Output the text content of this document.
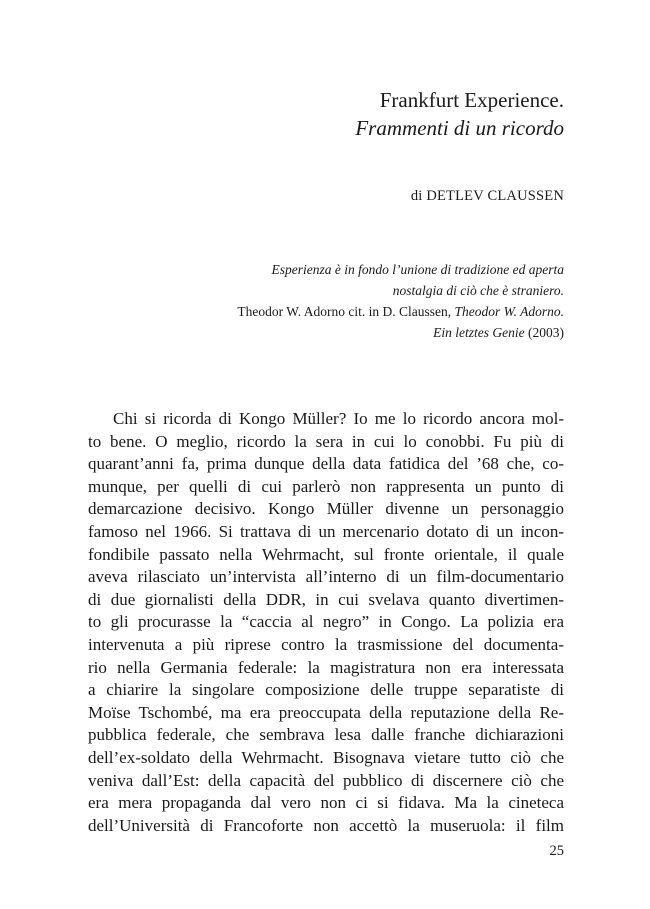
Frankfurt Experience.
Frammenti di un ricordo
di DETLEV CLAUSSEN
Esperienza è in fondo l’unione di tradizione ed aperta
nostalgia di ciò che è straniero.
Theodor W. Adorno cit. in D. Claussen, Theodor W. Adorno.
Ein letztes Genie (2003)

Chi si ricorda di Kongo Müller? Io me lo ricordo ancora mol-

to bene. O meglio, ricordo la sera in cui lo conobbi. Fu più di

quarant’anni fa, prima dunque della data fatidica del ’68 che, co-

munque, per quelli di cui parlerò non rappresenta un punto di

demarcazione decisivo. Kongo Müller divenne un personaggio

famoso nel 1966. Si trattava di un mercenario dotato di un incon-

fondibile passato nella Wehrmacht, sul fronte orientale, il quale

aveva rilasciato un’intervista all’interno di un film-documentario

di due giornalisti della DDR, in cui svelava quanto divertimen-

to gli procurasse la “caccia al negro” in Congo. La polizia era

intervenuta a più riprese contro la trasmissione del documenta-

rio nella Germania federale: la magistratura non era interessata

a chiarire la singolare composizione delle truppe separatiste di

Moïse Tschombé, ma era preoccupata della reputazione della Re-

pubblica federale, che sembrava lesa dalle franche dichiarazioni

dell’ex-soldato della Wehrmacht. Bisognava vietare tutto ciò che

veniva dall’Est: della capacità del pubblico di discernere ciò che

era mera propaganda dal vero non ci si fidava. Ma la cineteca

dell’Università di Francoforte non accettò la museruola: il film

25
